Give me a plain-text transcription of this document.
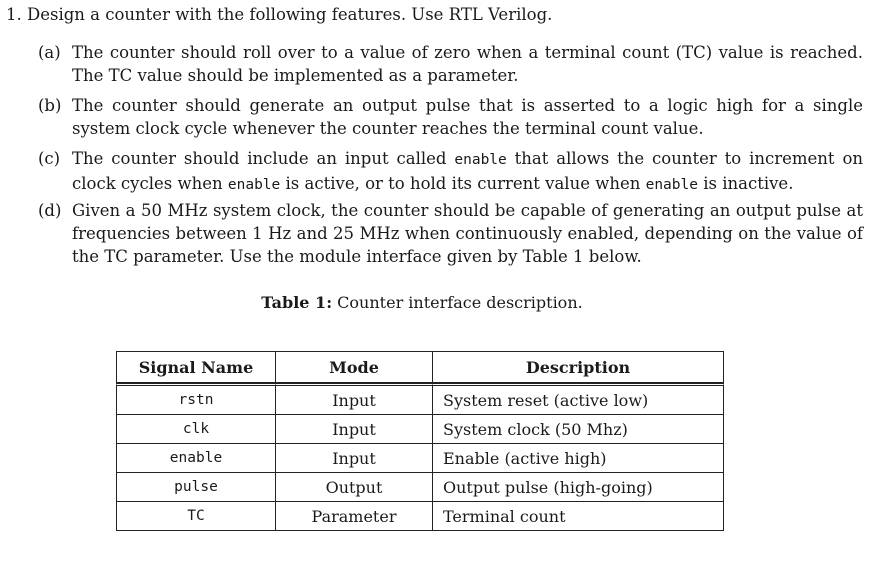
1. Design a counter with the following features. Use RTL Verilog.
(a) The counter should roll over to a value of zero when a terminal count (TC) value is reached. The TC value should be implemented as a parameter.
(b) The counter should generate an output pulse that is asserted to a logic high for a single system clock cycle whenever the counter reaches the terminal count value.
(c) The counter should include an input called enable that allows the counter to increment on clock cycles when enable is active, or to hold its current value when enable is inactive.
(d) Given a 50 MHz system clock, the counter should be capable of generating an output pulse at frequencies between 1 Hz and 25 MHz when continuously enabled, depending on the value of the TC parameter. Use the module interface given by Table 1 below.
Table 1: Counter interface description.
Signal Name	Mode	Description
rstn	Input	System reset (active low)
clk	Input	System clock (50 Mhz)
enable	Input	Enable (active high)
pulse	Output	Output pulse (high-going)
TC	Parameter	Terminal count
